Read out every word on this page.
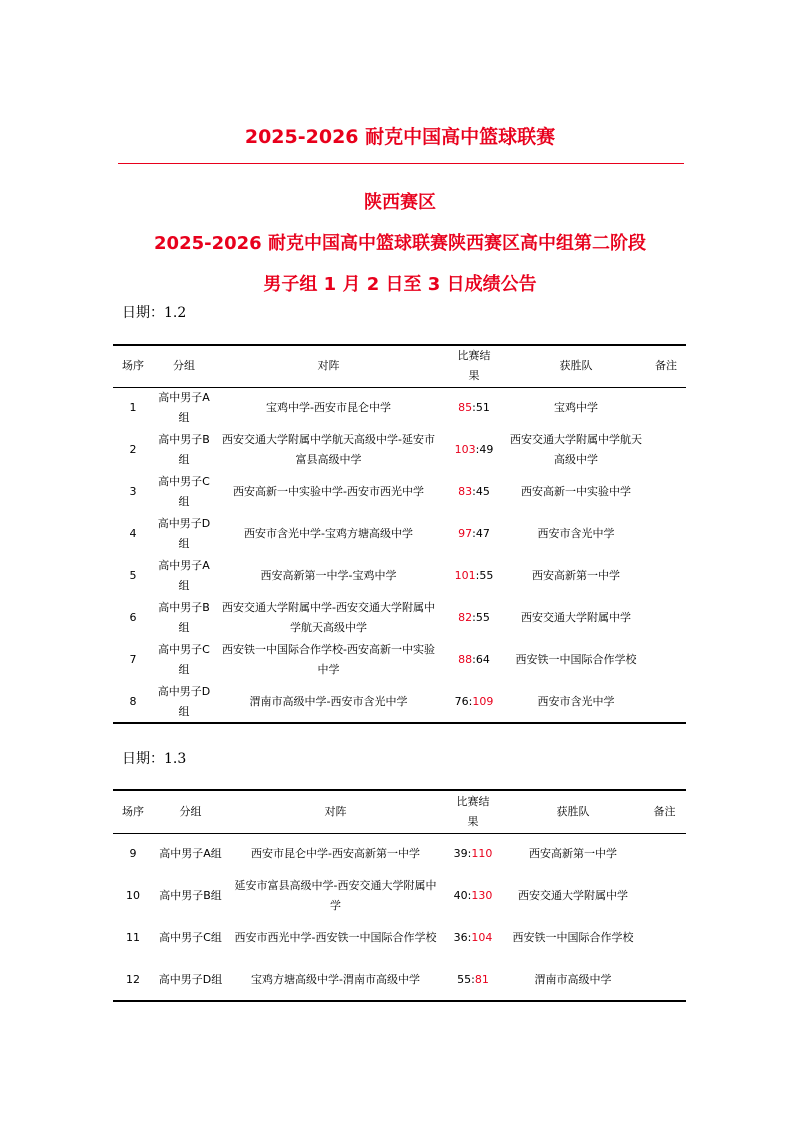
2025-2026 耐克中国高中篮球联赛
陕西赛区
2025-2026 耐克中国高中篮球联赛陕西赛区高中组第二阶段
男子组 1 月 2 日至 3 日成绩公告
日期：1.2
场序	分组	对阵	比赛结果	获胜队	备注
1	高中男子A组	宝鸡中学-西安市昆仑中学	85:51	宝鸡中学	
2	高中男子B组	西安交通大学附属中学航天高级中学-延安市富县高级中学	103:49	西安交通大学附属中学航天高级中学	
3	高中男子C组	西安高新一中实验中学-西安市西光中学	83:45	西安高新一中实验中学	
4	高中男子D组	西安市含光中学-宝鸡方塘高级中学	97:47	西安市含光中学	
5	高中男子A组	西安高新第一中学-宝鸡中学	101:55	西安高新第一中学	
6	高中男子B组	西安交通大学附属中学-西安交通大学附属中学航天高级中学	82:55	西安交通大学附属中学	
7	高中男子C组	西安铁一中国际合作学校-西安高新一中实验中学	88:64	西安铁一中国际合作学校	
8	高中男子D组	渭南市高级中学-西安市含光中学	76:109	西安市含光中学	
日期：1.3
场序	分组	对阵	比赛结果	获胜队	备注
9	高中男子A组	西安市昆仑中学-西安高新第一中学	39:110	西安高新第一中学	
10	高中男子B组	延安市富县高级中学-西安交通大学附属中学	40:130	西安交通大学附属中学	
11	高中男子C组	西安市西光中学-西安铁一中国际合作学校	36:104	西安铁一中国际合作学校	
12	高中男子D组	宝鸡方塘高级中学-渭南市高级中学	55:81	渭南市高级中学	
